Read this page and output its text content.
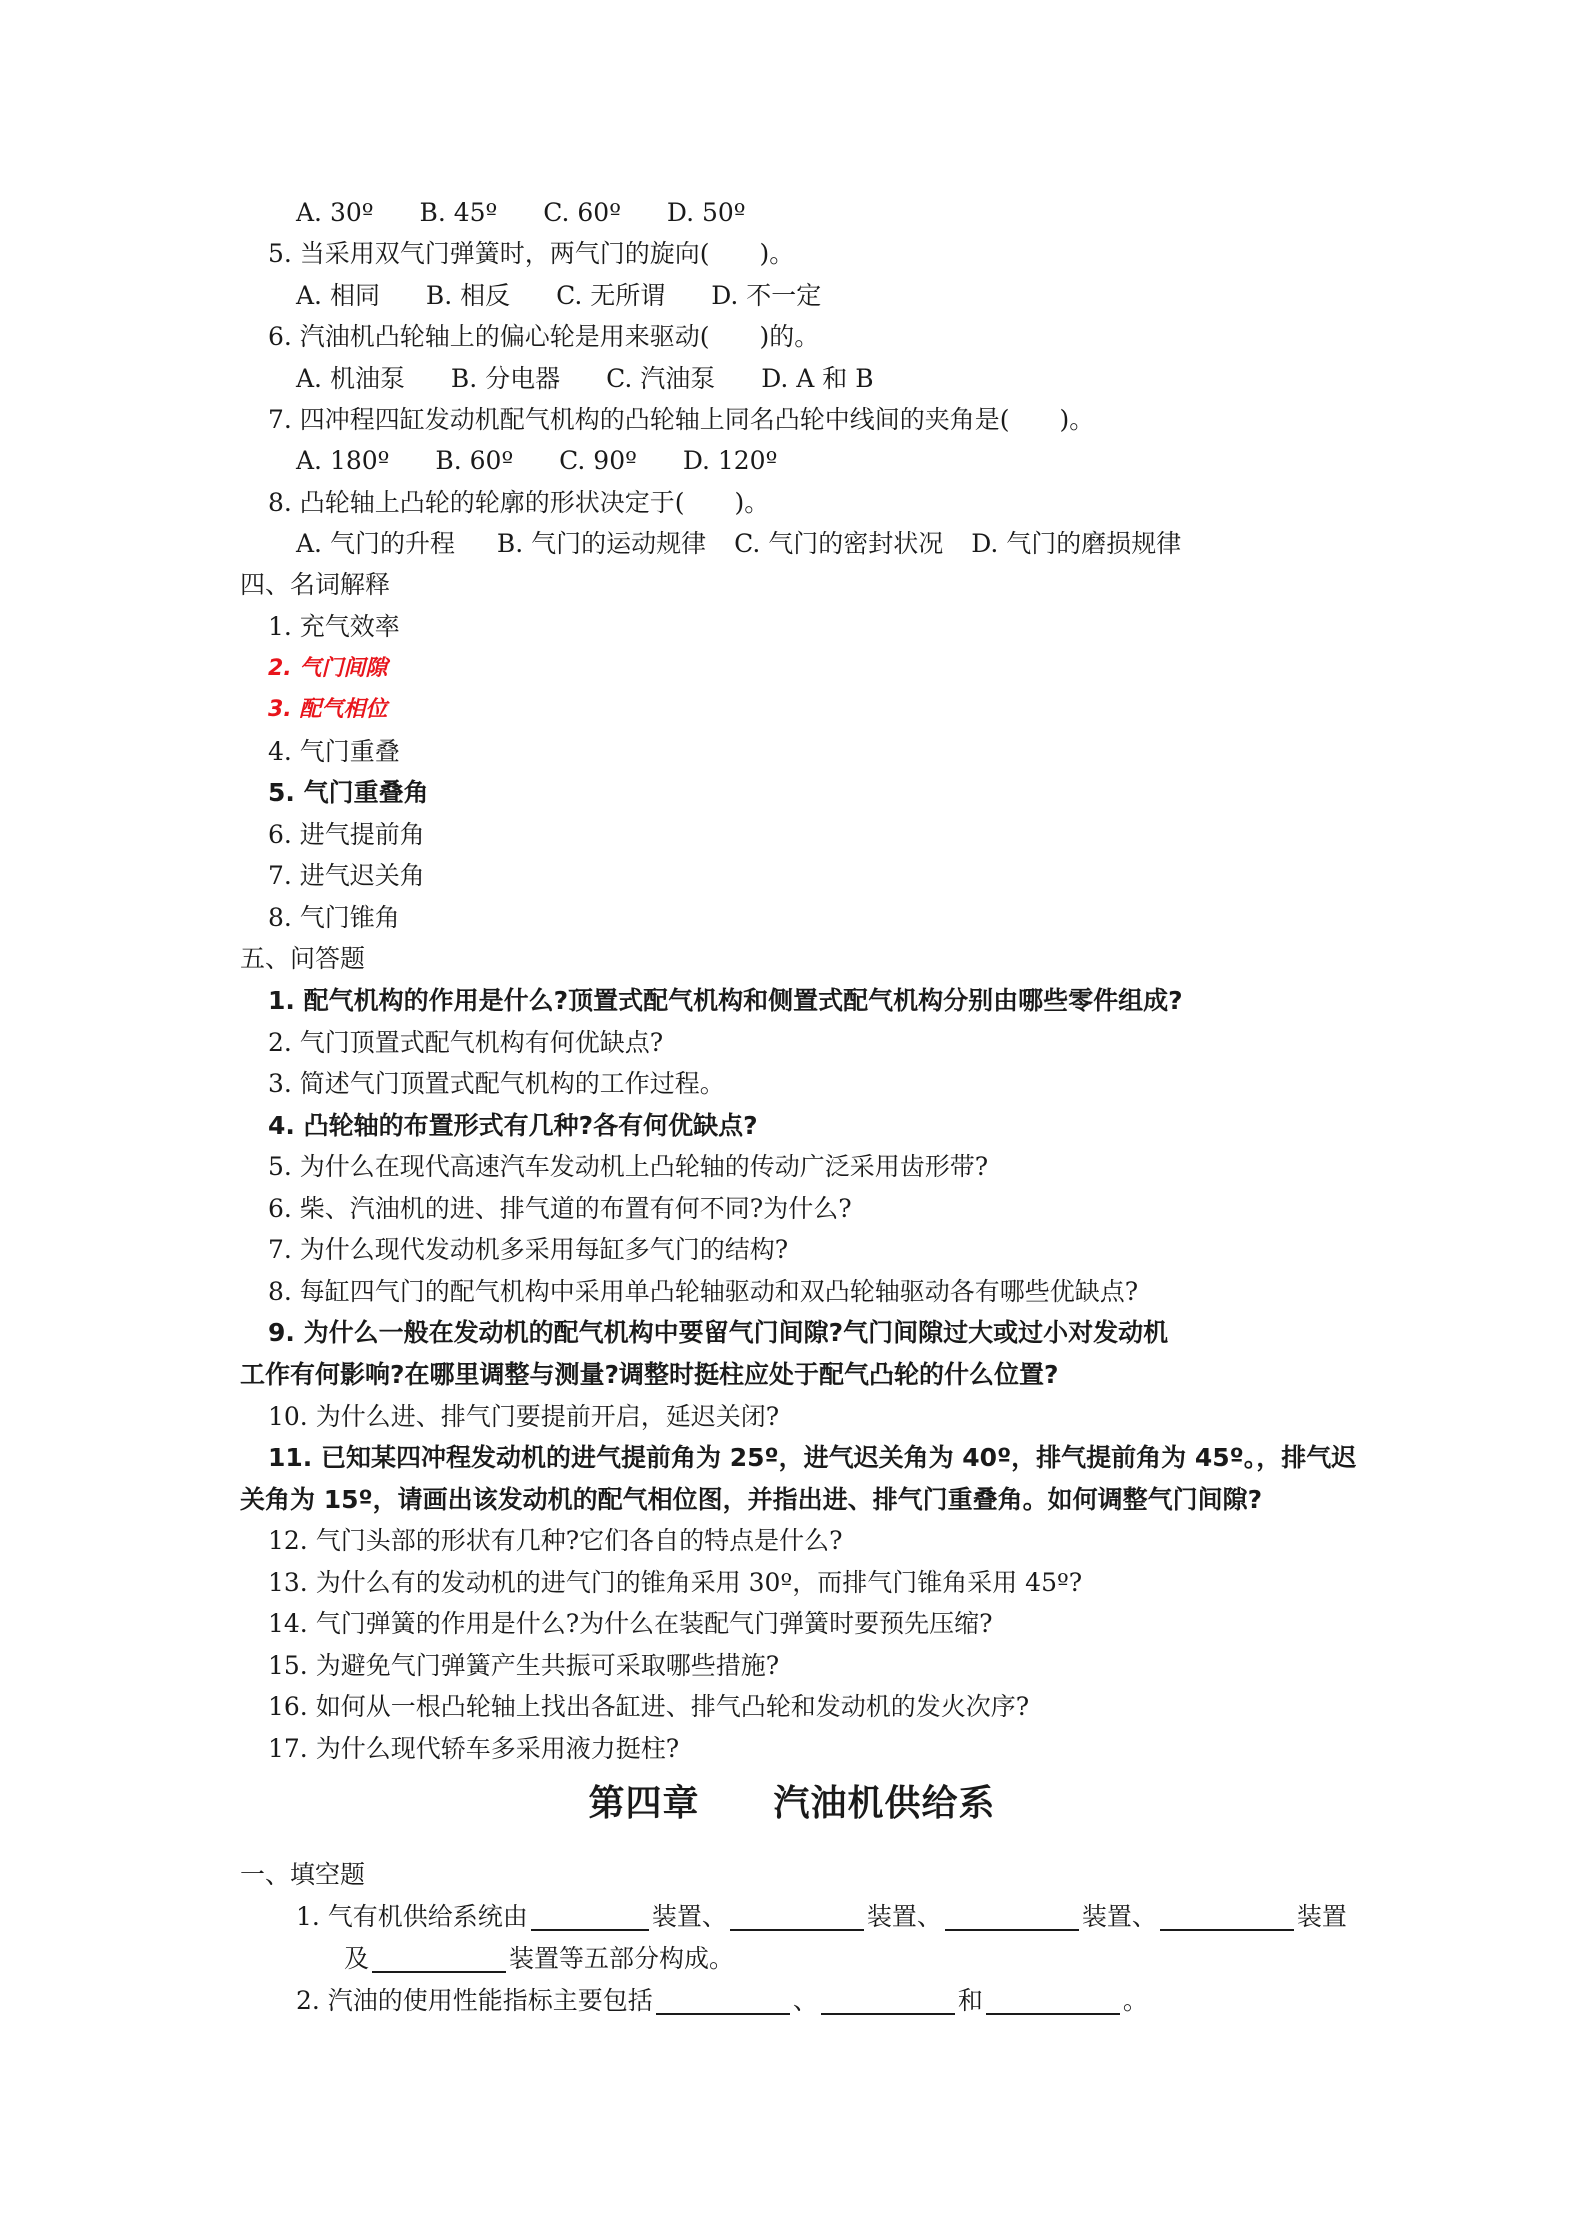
A. 30º B. 45º C. 60º D. 50º
5. 当采用双气门弹簧时，两气门的旋向(　　)。
A. 相同 B. 相反 C. 无所谓 D. 不一定
6. 汽油机凸轮轴上的偏心轮是用来驱动(　　)的。
A. 机油泵 B. 分电器 C. 汽油泵 D. A 和 B
7. 四冲程四缸发动机配气机构的凸轮轴上同名凸轮中线间的夹角是(　　)。
A. 180º B. 60º C. 90º D. 120º
8. 凸轮轴上凸轮的轮廓的形状决定于(　　)。
A. 气门的升程 B. 气门的运动规律 C. 气门的密封状况 D. 气门的磨损规律
四、名词解释
1. 充气效率
2. 气门间隙
3. 配气相位
4. 气门重叠
5. 气门重叠角
6. 进气提前角
7. 进气迟关角
8. 气门锥角
五、问答题
1. 配气机构的作用是什么?顶置式配气机构和侧置式配气机构分别由哪些零件组成?
2. 气门顶置式配气机构有何优缺点?
3. 简述气门顶置式配气机构的工作过程。
4. 凸轮轴的布置形式有几种?各有何优缺点?
5. 为什么在现代高速汽车发动机上凸轮轴的传动广泛采用齿形带?
6. 柴、汽油机的进、排气道的布置有何不同?为什么?
7. 为什么现代发动机多采用每缸多气门的结构?
8. 每缸四气门的配气机构中采用单凸轮轴驱动和双凸轮轴驱动各有哪些优缺点?
9. 为什么一般在发动机的配气机构中要留气门间隙?气门间隙过大或过小对发动机
工作有何影响?在哪里调整与测量?调整时挺柱应处于配气凸轮的什么位置?
10. 为什么进、排气门要提前开启，延迟关闭?
11. 已知某四冲程发动机的进气提前角为 25º，进气迟关角为 40º，排气提前角为 45º。，排气迟
关角为 15º，请画出该发动机的配气相位图，并指出进、排气门重叠角。如何调整气门间隙?
12. 气门头部的形状有几种?它们各自的特点是什么?
13. 为什么有的发动机的进气门的锥角采用 30º，而排气门锥角采用 45º?
14. 气门弹簧的作用是什么?为什么在装配气门弹簧时要预先压缩?
15. 为避免气门弹簧产生共振可采取哪些措施?
16. 如何从一根凸轮轴上找出各缸进、排气凸轮和发动机的发火次序?
17. 为什么现代轿车多采用液力挺柱?
第四章　　汽油机供给系
一、填空题
1. 气有机供给系统由	装置、	装置、	装置、	装置
及	装置等五部分构成。
2. 汽油的使用性能指标主要包括	、	和	。
